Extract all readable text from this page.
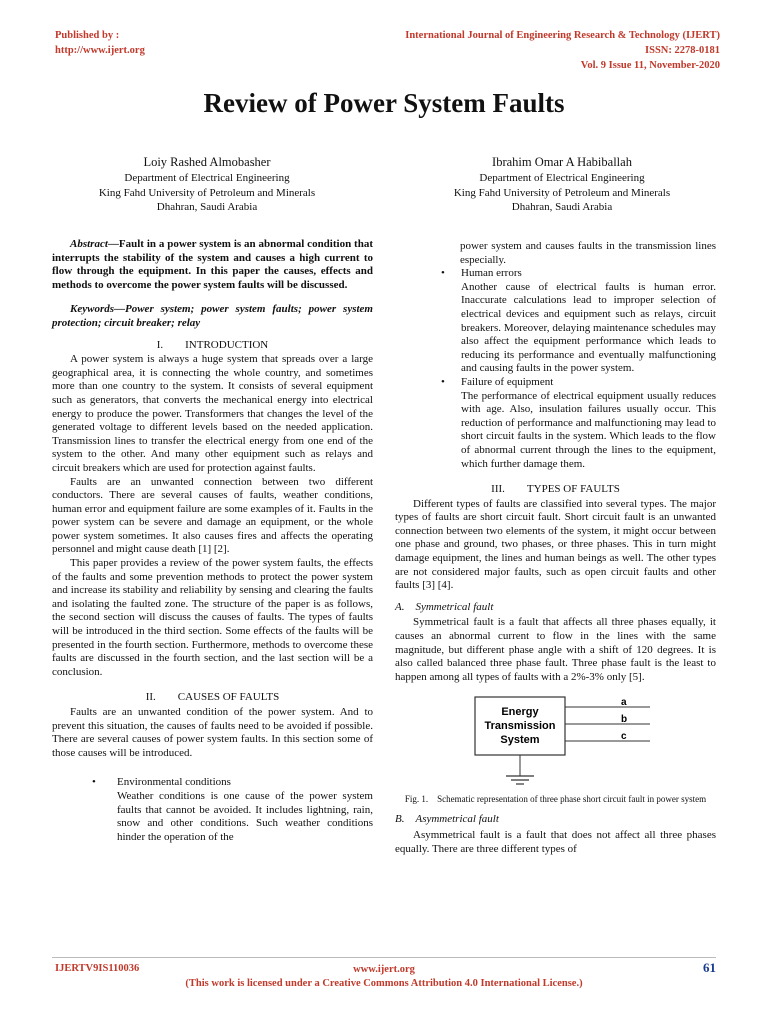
Published by :
http://www.ijert.org
International Journal of Engineering Research & Technology (IJERT)
ISSN: 2278-0181
Vol. 9 Issue 11, November-2020
Review of Power System Faults
Loiy Rashed Almobasher
Department of Electrical Engineering
King Fahd University of Petroleum and Minerals
Dhahran, Saudi Arabia
Ibrahim Omar A Habiballah
Department of Electrical Engineering
King Fahd University of Petroleum and Minerals
Dhahran, Saudi Arabia

Abstract—Fault in a power system is an abnormal condition that interrupts the stability of the system and causes a high current to flow through the equipment. In this paper the causes, effects and methods to overcome the power system faults will be discussed.

Keywords—Power system; power system faults; power system protection; circuit breaker; relay

I.  INTRODUCTION

A power system is always a huge system that spreads over a large geographical area, it is connecting the whole country, and sometimes more than one country to the system. It consists of several equipment such as generators, that converts the mechanical energy into electrical energy to produce the power. Transformers that changes the level of the generated voltage to different levels based on the needed application. Transmission lines to transfer the electrical energy from one end of the system to the other. And many other equipment such as relays and circuit breakers which are used for protection against faults.

Faults are an unwanted connection between two different conductors. There are several causes of faults, weather conditions, human error and equipment failure are some examples of it. Faults in the power system can be severe and damage an equipment, or the whole power system sometimes. It also causes fires and affects the operating personnel and might cause death [1] [2].

This paper provides a review of the power system faults, the effects of the faults and some prevention methods to protect the power system and increase its stability and reliability by sensing and clearing the faults and isolating the faulted zone. The structure of the paper is as follows, the second section will discuss the causes of faults. The types of faults will be introduced in the third section. Some effects of the faults will be presented in the fourth section. Furthermore, methods to overcome these faults are discussed in the fourth section, and the last section will be a conclusion.

II.  CAUSES OF FAULTS

Faults are an unwanted condition of the power system. And to prevent this situation, the causes of faults need to be avoided if possible. There are several causes of power system faults. In this section some of those causes will be introduced.

•	Environmental conditions
Weather conditions is one cause of the power system faults that cannot be avoided. It includes lightning, rain, snow and other conditions. Such weather conditions hinder the operation of the

power system and causes faults in the transmission lines especially.

• Human errors
Another cause of electrical faults is human error. Inaccurate calculations lead to improper selection of electrical devices and equipment such as relays, circuit breakers. Moreover, delaying maintenance schedules may also affect the equipment performance which leads to reducing its performance and eventually malfunctioning and causing faults in the power system.
• Failure of equipment
The performance of electrical equipment usually reduces with age. Also, insulation failures usually occur. This reduction of performance and malfunctioning may lead to short circuit faults in the system. Which leads to the flow of abnormal current through the lines to the equipment, which further damage them.
III.  TYPES OF FAULTS

Different types of faults are classified into several types. The major types of faults are short circuit fault. Short circuit fault is an unwanted connection between two elements of the system, it might occur between one phase and ground, two phases, or three phases. This in turn might damage equipment, the lines and human beings as well. The other types are not considered major faults, such as open circuit faults and other faults [3] [4].

A. Symmetrical fault

Symmetrical fault is a fault that affects all three phases equally, it causes an abnormal current to flow in the lines with the same magnitude, but different phase angle with a shift of 120 degrees. It is also called balanced three phase fault. Three phase fault is the least to happen among all types of faults with a 2%-3% only [5].

Energy
Transmission
System
a
b
c
Fig. 1. Schematic representation of three phase short circuit fault in power system
B. Asymmetrical fault

Asymmetrical fault is a fault that does not affect all three phases equally. There are three different types of

IJERTV9IS110036	www.ijert.org
(This work is licensed under a Creative Commons Attribution 4.0 International License.)
61
